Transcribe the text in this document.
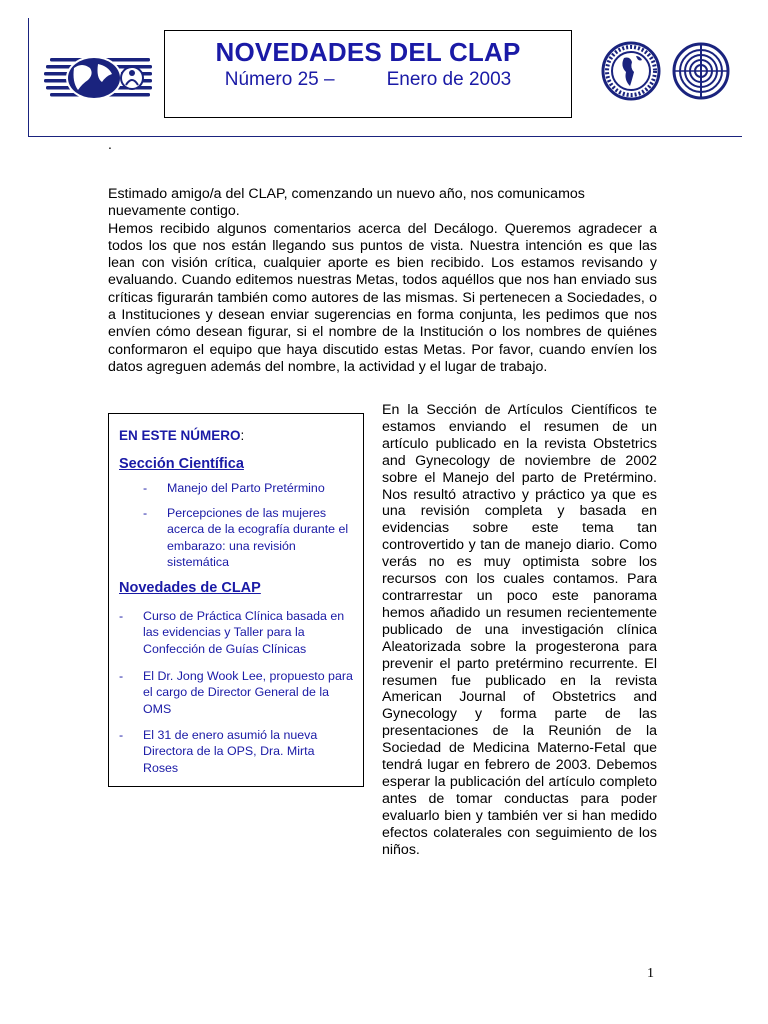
NOVEDADES DEL CLAP
Número 25 –	Enero de 2003
.

Estimado amigo/a del CLAP, comenzando un nuevo año, nos comunicamos nuevamente contigo.

Hemos recibido algunos comentarios acerca del Decálogo. Queremos agradecer a todos los que nos están llegando sus puntos de vista. Nuestra intención es que las lean con visión crítica, cualquier aporte es bien recibido. Los estamos revisando y evaluando. Cuando editemos nuestras Metas, todos aquéllos que nos han enviado sus críticas figurarán también como autores de las mismas. Si pertenecen a Sociedades, o a Instituciones y desean enviar sugerencias en forma conjunta, les pedimos que nos envíen cómo desean figurar, si el nombre de la Institución o los nombres de quiénes conformaron el equipo que haya discutido estas Metas. Por favor, cuando envíen los datos agreguen además del nombre, la actividad y el lugar de trabajo.

EN ESTE NÚMERO:
Sección Científica
- Manejo del Parto Pretérmino
- Percepciones de las mujeres acerca de la ecografía durante el embarazo: una revisión sistemática
Novedades de CLAP
- Curso de Práctica Clínica basada en las evidencias y Taller para la Confección de Guías Clínicas
- El Dr. Jong Wook Lee, propuesto para el cargo de Director General de la OMS
- El 31 de enero asumió la nueva Directora de la OPS, Dra. Mirta Roses

En la Sección de Artículos Científicos te estamos enviando el resumen de un artículo publicado en la revista Obstetrics and Gynecology de noviembre de 2002 sobre el Manejo del parto de Pretérmino. Nos resultó atractivo y práctico ya que es una revisión completa y basada en evidencias sobre este tema tan controvertido y tan de manejo diario. Como verás no es muy optimista sobre los recursos con los cuales contamos. Para contrarrestar un poco este panorama hemos añadido un resumen recientemente publicado de una investigación clínica Aleatorizada sobre la progesterona para prevenir el parto pretérmino recurrente. El resumen fue publicado en la revista American Journal of Obstetrics and Gynecology y forma parte de las presentaciones de la Reunión de la Sociedad de Medicina Materno-Fetal que tendrá lugar en febrero de 2003. Debemos esperar la publicación del artículo completo antes de tomar conductas para poder evaluarlo bien y también ver si han medido efectos colaterales con seguimiento de los niños.

1
